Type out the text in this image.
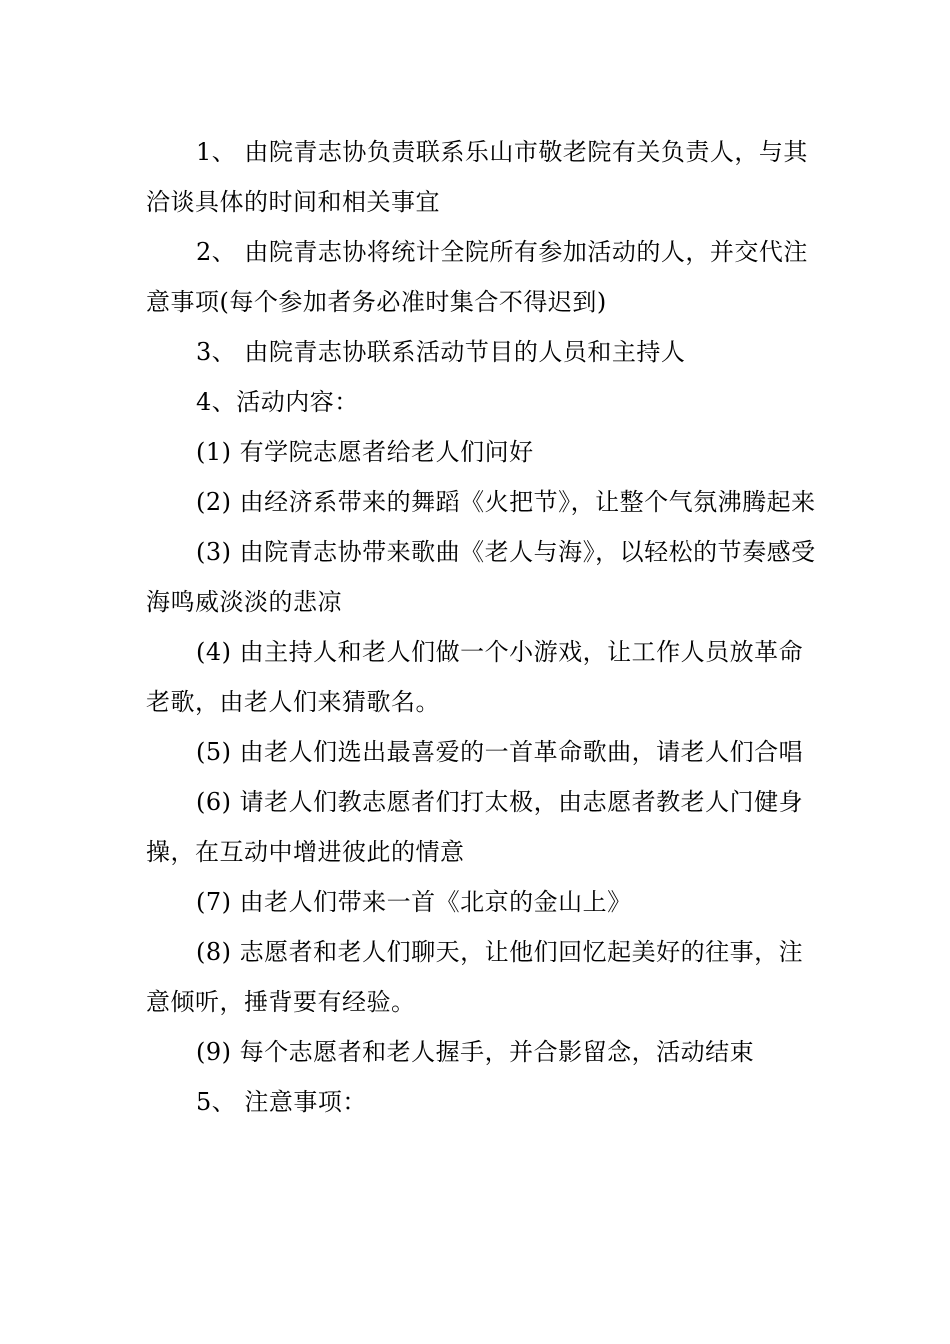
1、 由院青志协负责联系乐山市敬老院有关负责人，与其洽谈具体的时间和相关事宜

2、 由院青志协将统计全院所有参加活动的人，并交代注意事项(每个参加者务必准时集合不得迟到)

3、 由院青志协联系活动节目的人员和主持人

4、活动内容：

(1) 有学院志愿者给老人们问好

(2) 由经济系带来的舞蹈《火把节》，让整个气氛沸腾起来

(3) 由院青志协带来歌曲《老人与海》，以轻松的节奏感受海鸣威淡淡的悲凉

(4) 由主持人和老人们做一个小游戏，让工作人员放革命老歌，由老人们来猜歌名。

(5) 由老人们选出最喜爱的一首革命歌曲，请老人们合唱

(6) 请老人们教志愿者们打太极，由志愿者教老人门健身操，在互动中增进彼此的情意

(7) 由老人们带来一首《北京的金山上》

(8) 志愿者和老人们聊天，让他们回忆起美好的往事，注意倾听，捶背要有经验。

(9) 每个志愿者和老人握手，并合影留念，活动结束

5、 注意事项：
